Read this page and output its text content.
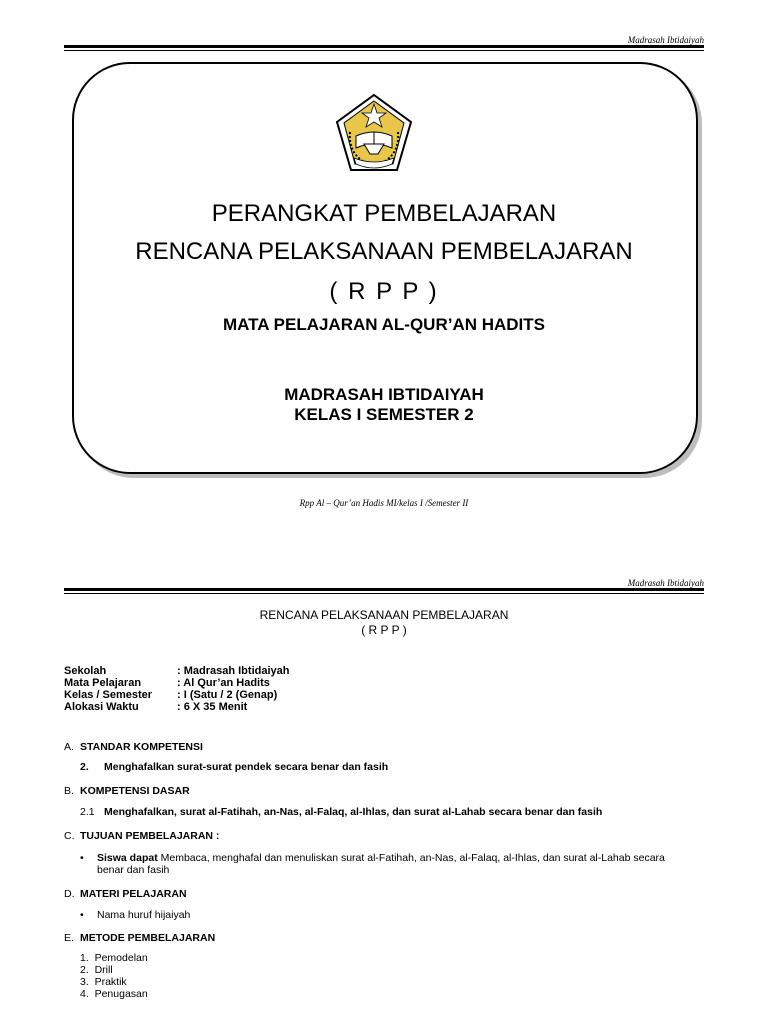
Madrasah Ibtidaiyah
PERANGKAT PEMBELAJARAN
RENCANA PELAKSANAAN PEMBELAJARAN
( R P P )
MATA PELAJARAN AL-QUR’AN HADITS
MADRASAH IBTIDAIYAH
KELAS I SEMESTER 2
Rpp Al – Qur’an Hadis MI/kelas I /Semester II
Madrasah Ibtidaiyah
RENCANA PELAKSANAAN PEMBELAJARAN
( R P P )
Sekolah	: Madrasah Ibtidaiyah
Mata Pelajaran	: Al Qur’an Hadits
Kelas / Semester	: I (Satu / 2 (Genap)
Alokasi Waktu	: 6 X 35 Menit
A. STANDAR KOMPETENSI
2. Menghafalkan surat-surat pendek secara benar dan fasih
B. KOMPETENSI DASAR
2.1 Menghafalkan, surat al-Fatihah, an-Nas, al-Falaq, al-Ihlas, dan surat al-Lahab secara benar dan fasih
C. TUJUAN PEMBELAJARAN :
• Siswa dapat Membaca, menghafal dan menuliskan surat al-Fatihah, an-Nas, al-Falaq, al-Ihlas, dan surat al-Lahab secara
benar dan fasih
D. MATERI PELAJARAN
• Nama huruf hijaiyah
E. METODE PEMBELAJARAN
1.  Pemodelan
2.  Drill
3.  Praktik
4.  Penugasan
